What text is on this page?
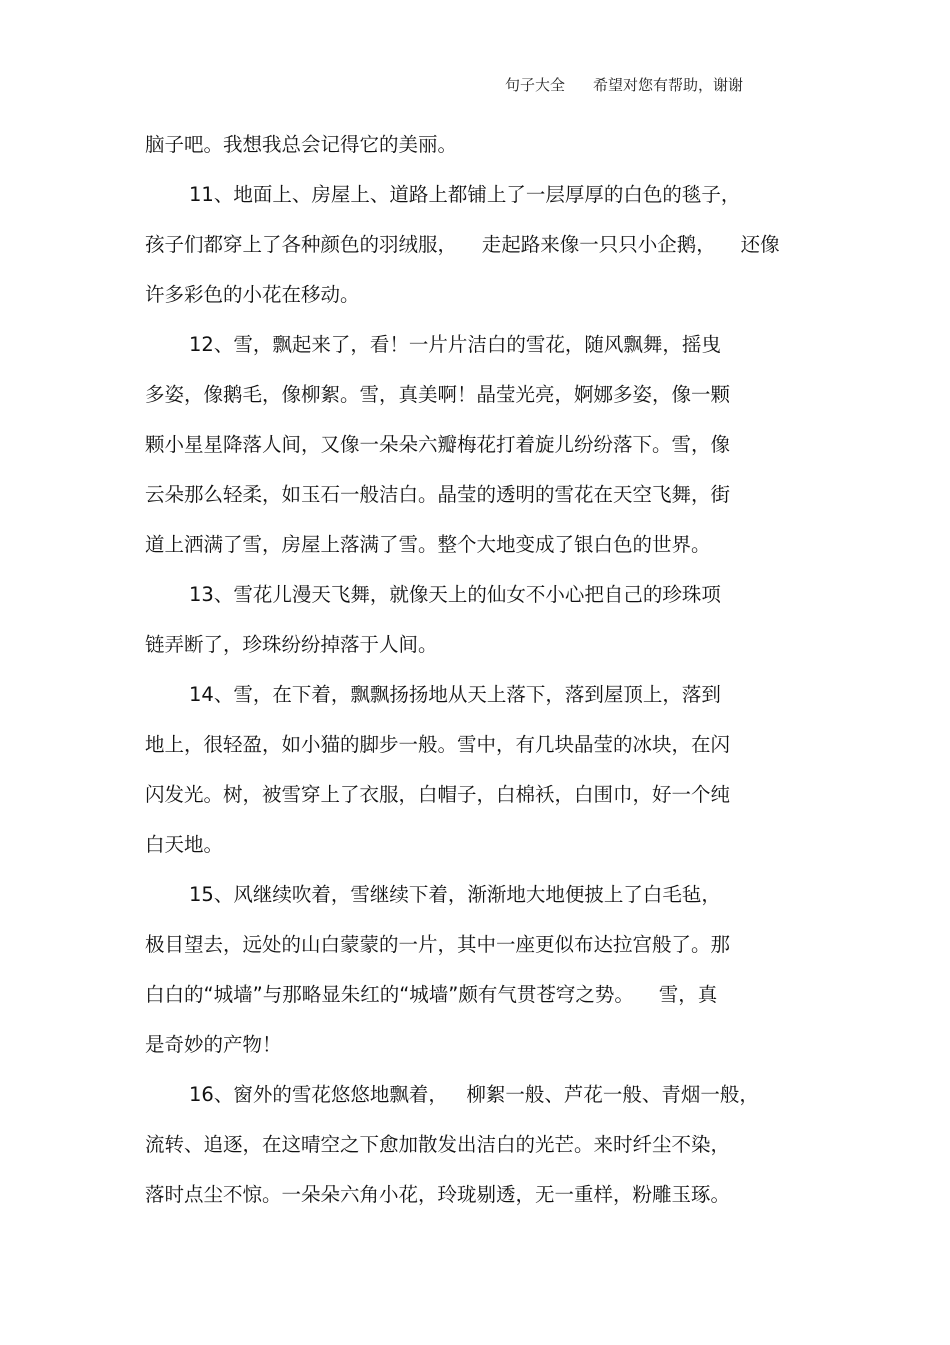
句子大全 希望对您有帮助，谢谢
脑子吧。我想我总会记得它的美丽。
11、地面上、房屋上、道路上都铺上了一层厚厚的白色的毯子，
孩子们都穿上了各种颜色的羽绒服，    走起路来像一只只小企鹅，    还像
许多彩色的小花在移动。
12、雪，飘起来了，看！一片片洁白的雪花，随风飘舞，摇曳
多姿，像鹅毛，像柳絮。雪，真美啊！晶莹光亮，婀娜多姿，像一颗
颗小星星降落人间，又像一朵朵六瓣梅花打着旋儿纷纷落下。雪，像
云朵那么轻柔，如玉石一般洁白。晶莹的透明的雪花在天空飞舞，街
道上洒满了雪，房屋上落满了雪。整个大地变成了银白色的世界。
13、雪花儿漫天飞舞，就像天上的仙女不小心把自己的珍珠项
链弄断了，珍珠纷纷掉落于人间。
14、雪，在下着，飘飘扬扬地从天上落下，落到屋顶上，落到
地上，很轻盈，如小猫的脚步一般。雪中，有几块晶莹的冰块，在闪
闪发光。树，被雪穿上了衣服，白帽子，白棉袄，白围巾，好一个纯
白天地。
15、风继续吹着，雪继续下着，渐渐地大地便披上了白毛毡，
极目望去，远处的山白蒙蒙的一片，其中一座更似布达拉宫般了。那
白白的“城墙”与那略显朱红的“城墙”颇有气贯苍穹之势。    雪，真
是奇妙的产物！
16、窗外的雪花悠悠地飘着，   柳絮一般、芦花一般、青烟一般，
流转、追逐，在这晴空之下愈加散发出洁白的光芒。来时纤尘不染，
落时点尘不惊。一朵朵六角小花，玲珑剔透，无一重样，粉雕玉琢。
